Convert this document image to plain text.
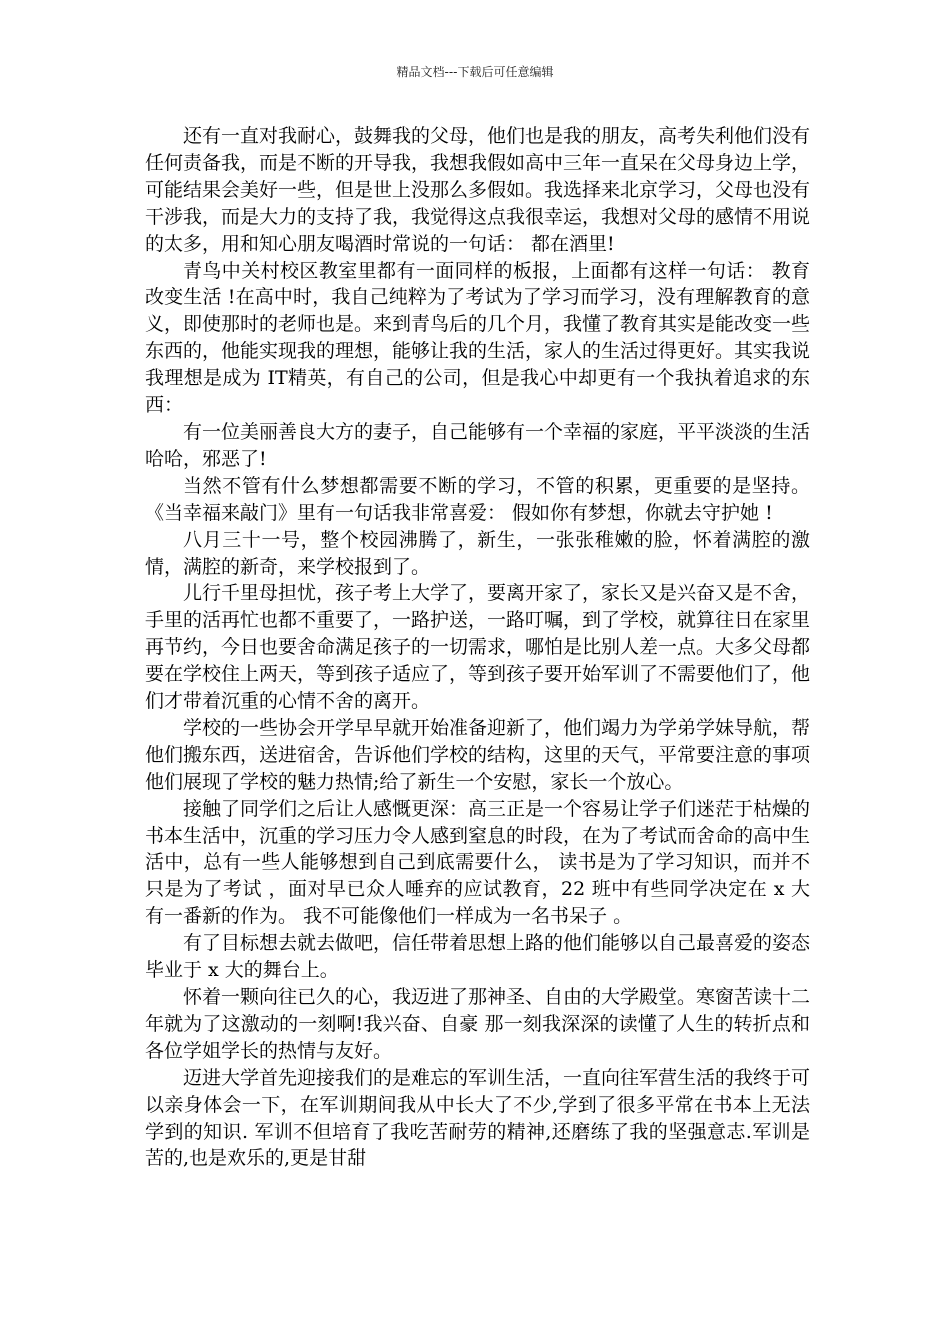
精品文档---下载后可任意编辑

还有一直对我耐心，鼓舞我的父母，他们也是我的朋友，高考失利他们没有任何责备我，而是不断的开导我，我想我假如高中三年一直呆在父母身边上学，可能结果会美好一些，但是世上没那么多假如。我选择来北京学习，父母也没有干涉我，而是大力的支持了我，我觉得这点我很幸运，我想对父母的感情不用说的太多，用和知心朋友喝酒时常说的一句话： 都在酒里!

青鸟中关村校区教室里都有一面同样的板报，上面都有这样一句话： 教育改变生活 !在高中时，我自己纯粹为了考试为了学习而学习，没有理解教育的意义，即使那时的老师也是。来到青鸟后的几个月，我懂了教育其实是能改变一些东西的，他能实现我的理想，能够让我的生活，家人的生活过得更好。其实我说我理想是成为 IT精英，有自己的公司，但是我心中却更有一个我执着追求的东西：

有一位美丽善良大方的妻子，自己能够有一个幸福的家庭，平平淡淡的生活 哈哈，邪恶了!

当然不管有什么梦想都需要不断的学习，不管的积累，更重要的是坚持。《当幸福来敲门》里有一句话我非常喜爱： 假如你有梦想，你就去守护她 !

八月三十一号，整个校园沸腾了，新生，一张张稚嫩的脸，怀着满腔的激情，满腔的新奇，来学校报到了。

儿行千里母担忧，孩子考上大学了，要离开家了，家长又是兴奋又是不舍，手里的活再忙也都不重要了，一路护送，一路叮嘱，到了学校，就算往日在家里再节约，今日也要舍命满足孩子的一切需求，哪怕是比别人差一点。大多父母都要在学校住上两天，等到孩子适应了，等到孩子要开始军训了不需要他们了，他们才带着沉重的心情不舍的离开。

学校的一些协会开学早早就开始准备迎新了，他们竭力为学弟学妹导航，帮他们搬东西，送进宿舍，告诉他们学校的结构，这里的天气，平常要注意的事项 他们展现了学校的魅力热情;给了新生一个安慰，家长一个放心。

接触了同学们之后让人感慨更深：高三正是一个容易让学子们迷茫于枯燥的书本生活中，沉重的学习压力令人感到窒息的时段，在为了考试而舍命的高中生活中，总有一些人能够想到自己到底需要什么， 读书是为了学习知识，而并不只是为了考试 ，面对早已众人唾弃的应试教育，22 班中有些同学决定在 x 大有一番新的作为。 我不可能像他们一样成为一名书呆子 。

有了目标想去就去做吧，信任带着思想上路的他们能够以自己最喜爱的姿态毕业于 x 大的舞台上。

怀着一颗向往已久的心，我迈进了那神圣、自由的大学殿堂。寒窗苦读十二年就为了这激动的一刻啊!我兴奋、自豪 那一刻我深深的读懂了人生的转折点和各位学姐学长的热情与友好。

迈进大学首先迎接我们的是难忘的军训生活，一直向往军营生活的我终于可以亲身体会一下，在军训期间我从中长大了不少,学到了很多平常在书本上无法学到的知识. 军训不但培育了我吃苦耐劳的精神,还磨练了我的坚强意志.军训是苦的,也是欢乐的,更是甘甜
